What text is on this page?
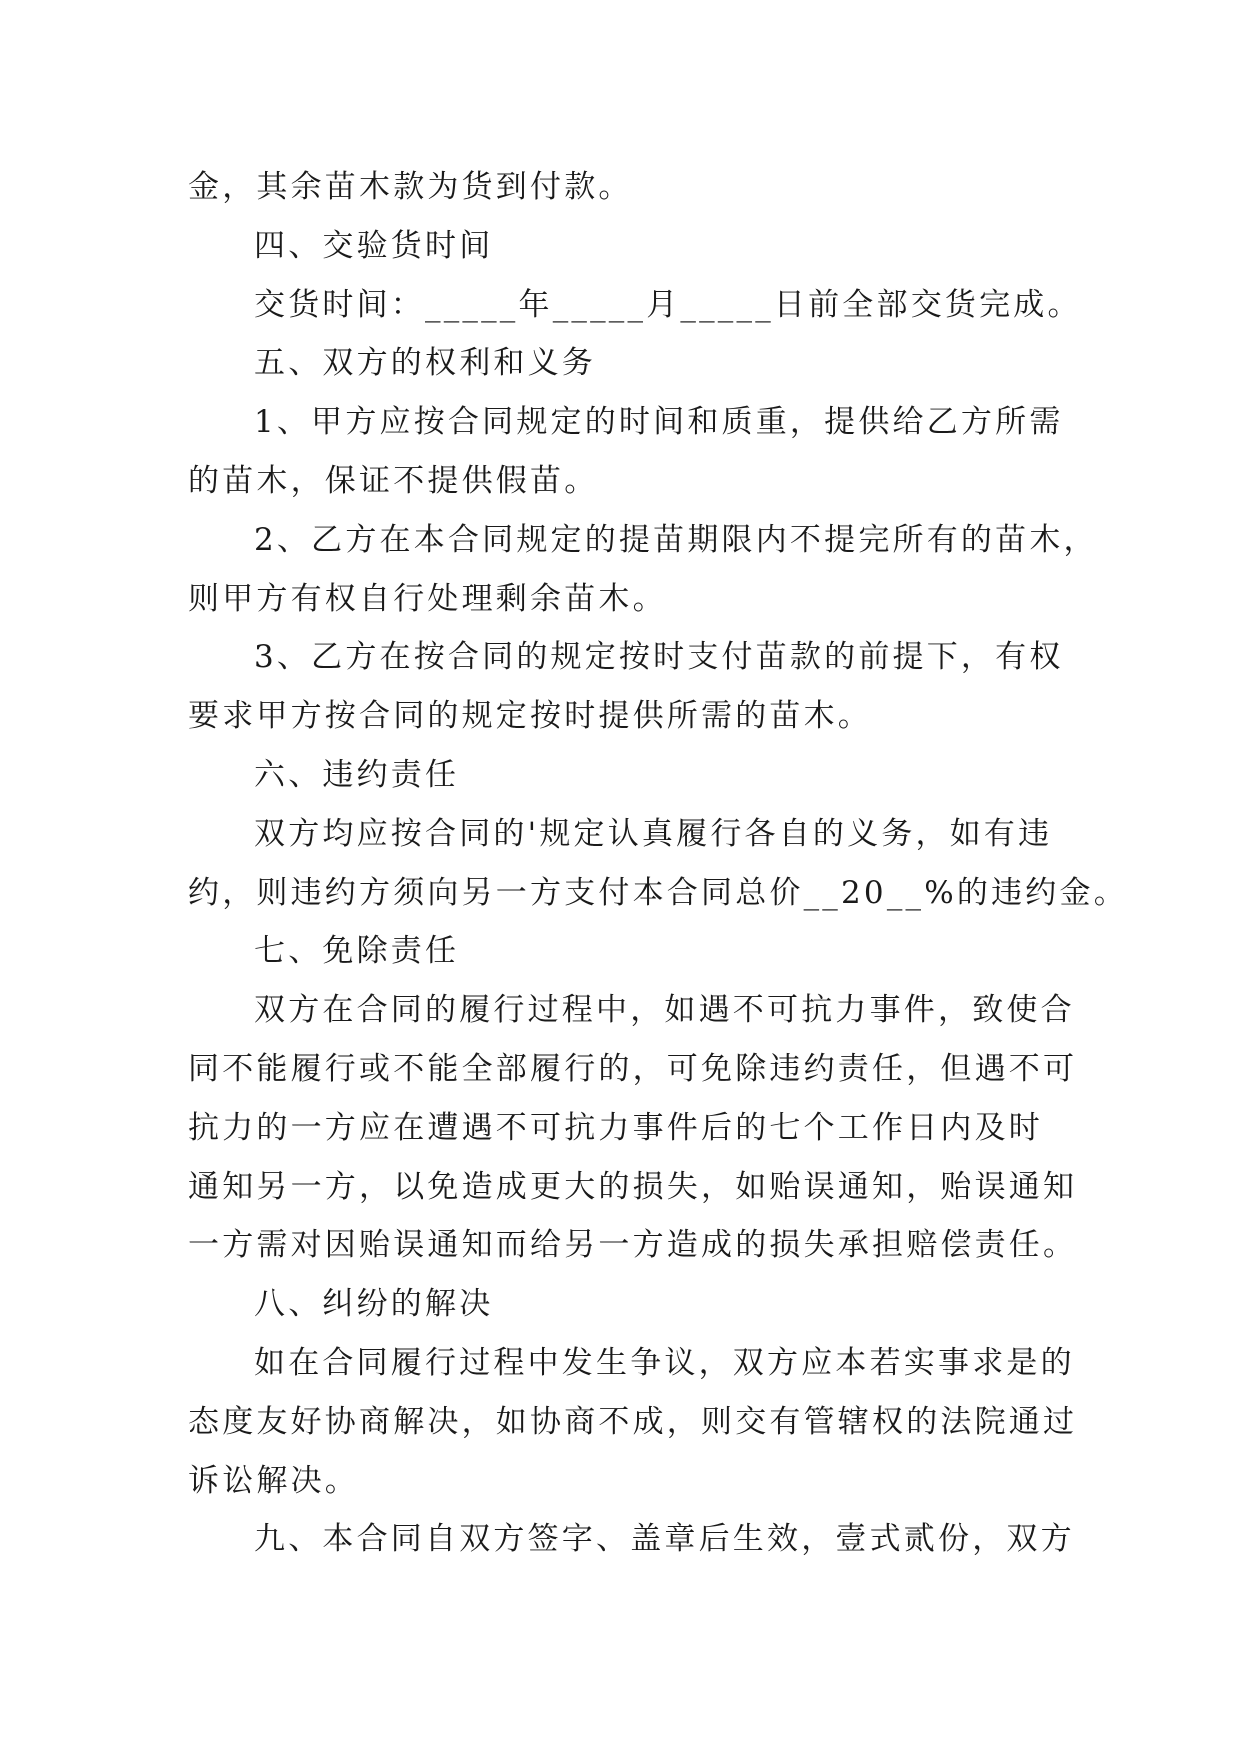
金，其余苗木款为货到付款。
四、交验货时间
交货时间：_____年_____月_____日前全部交货完成。
五、双方的权利和义务
1、甲方应按合同规定的时间和质重，提供给乙方所需
的苗木，保证不提供假苗。
2、乙方在本合同规定的提苗期限内不提完所有的苗木，
则甲方有权自行处理剩余苗木。
3、乙方在按合同的规定按时支付苗款的前提下，有权
要求甲方按合同的规定按时提供所需的苗木。
六、违约责任
双方均应按合同的'规定认真履行各自的义务，如有违
约，则违约方须向另一方支付本合同总价__20__%的违约金。
七、免除责任
双方在合同的履行过程中，如遇不可抗力事件，致使合
同不能履行或不能全部履行的，可免除违约责任，但遇不可
抗力的一方应在遭遇不可抗力事件后的七个工作日内及时
通知另一方，以免造成更大的损失，如贻误通知，贻误通知
一方需对因贻误通知而给另一方造成的损失承担赔偿责任。
八、纠纷的解决
如在合同履行过程中发生争议，双方应本若实事求是的
态度友好协商解决，如协商不成，则交有管辖权的法院通过
诉讼解决。
九、本合同自双方签字、盖章后生效，壹式贰份，双方
